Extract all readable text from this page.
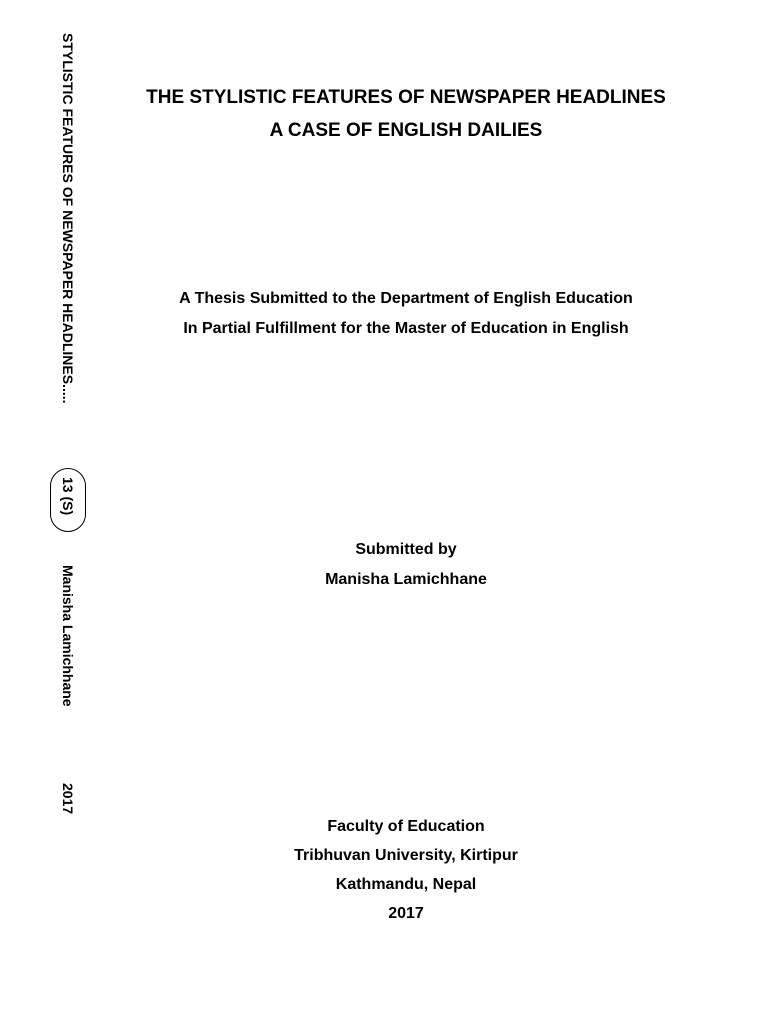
STYLISTIC FEATURES OF NEWSPAPER HEADLINES.....
13 (S)
Manisha Lamichhane
2017
THE STYLISTIC FEATURES OF NEWSPAPER HEADLINES
A CASE OF ENGLISH DAILIES
A Thesis Submitted to the Department of English Education
In Partial Fulfillment for the Master of Education in English
Submitted by
Manisha Lamichhane
Faculty of Education
Tribhuvan University, Kirtipur
Kathmandu, Nepal
2017
